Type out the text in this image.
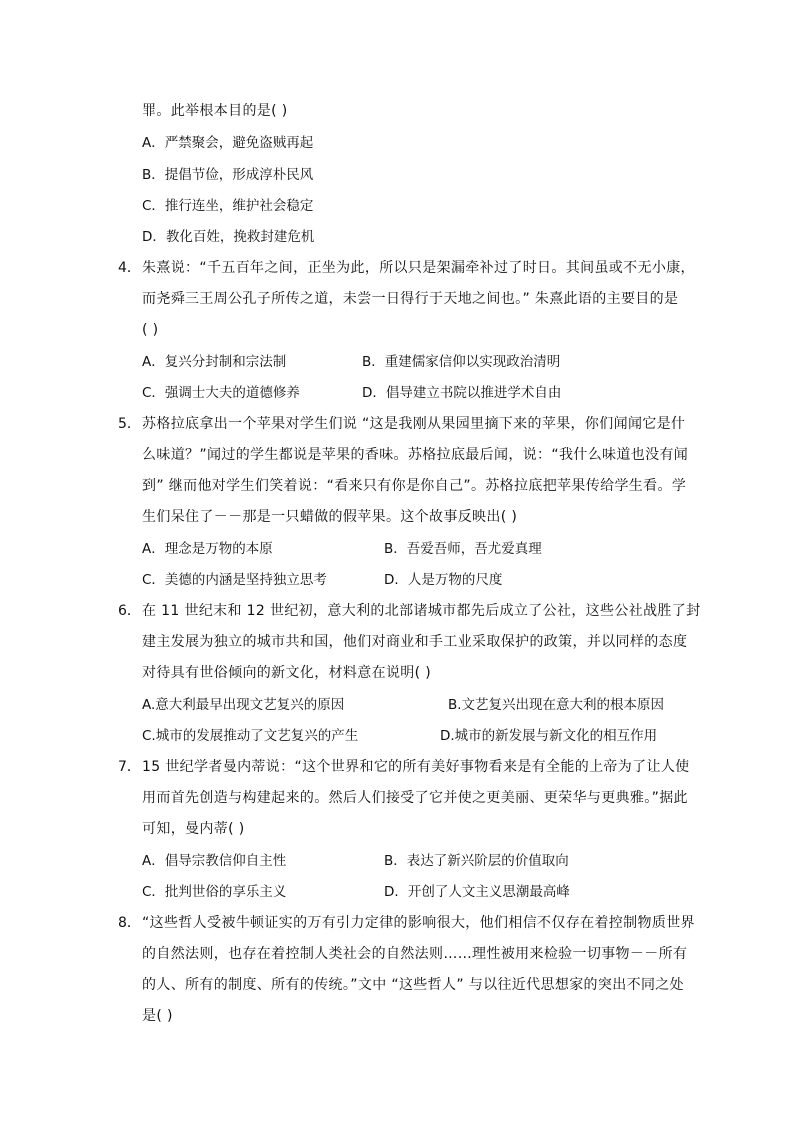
罪。此举根本目的是( )
A．严禁聚会，避免盗贼再起
B．提倡节俭，形成淳朴民风
C．推行连坐，维护社会稳定
D．教化百姓，挽救封建危机
4． 朱熹说：“千五百年之间，正坐为此，所以只是架漏牵补过了时日。其间虽或不无小康，
而尧舜三王周公孔子所传之道，未尝一日得行于天地之间也。” 朱熹此语的主要目的是
( )
A．复兴分封制和宗法制	B．重建儒家信仰以实现政治清明
C．强调士大夫的道德修养	D．倡导建立书院以推进学术自由
5． 苏格拉底拿出一个苹果对学生们说 “这是我刚从果园里摘下来的苹果，你们闻闻它是什
么味道？”闻过的学生都说是苹果的香味。苏格拉底最后闻，说：“我什么味道也没有闻
到” 继而他对学生们笑着说：“看来只有你是你自己”。苏格拉底把苹果传给学生看。学
生们呆住了－－那是一只蜡做的假苹果。这个故事反映出( )
A．理念是万物的本原	B．吾爱吾师，吾尤爱真理
C．美德的内涵是坚持独立思考	D．人是万物的尺度
6． 在 11 世纪末和 12 世纪初，意大利的北部诸城市都先后成立了公社，这些公社战胜了封
建主发展为独立的城市共和国，他们对商业和手工业采取保护的政策，并以同样的态度
对待具有世俗倾向的新文化，材料意在说明( )
A.意大利最早出现文艺复兴的原因	B.文艺复兴出现在意大利的根本原因
C.城市的发展推动了文艺复兴的产生	D.城市的新发展与新文化的相互作用
7． 15 世纪学者曼内蒂说：“这个世界和它的所有美好事物看来是有全能的上帝为了让人使
用而首先创造与构建起来的。然后人们接受了它并使之更美丽、更荣华与更典雅。”据此
可知，曼内蒂( )
A．倡导宗教信仰自主性	B．表达了新兴阶层的价值取向
C．批判世俗的享乐主义	D．开创了人文主义思潮最高峰
8． “这些哲人受被牛顿证实的万有引力定律的影响很大，他们相信不仅存在着控制物质世界
的自然法则，也存在着控制人类社会的自然法则……理性被用来检验一切事物－－所有
的人、所有的制度、所有的传统。”文中 “这些哲人” 与以往近代思想家的突出不同之处
是( )
